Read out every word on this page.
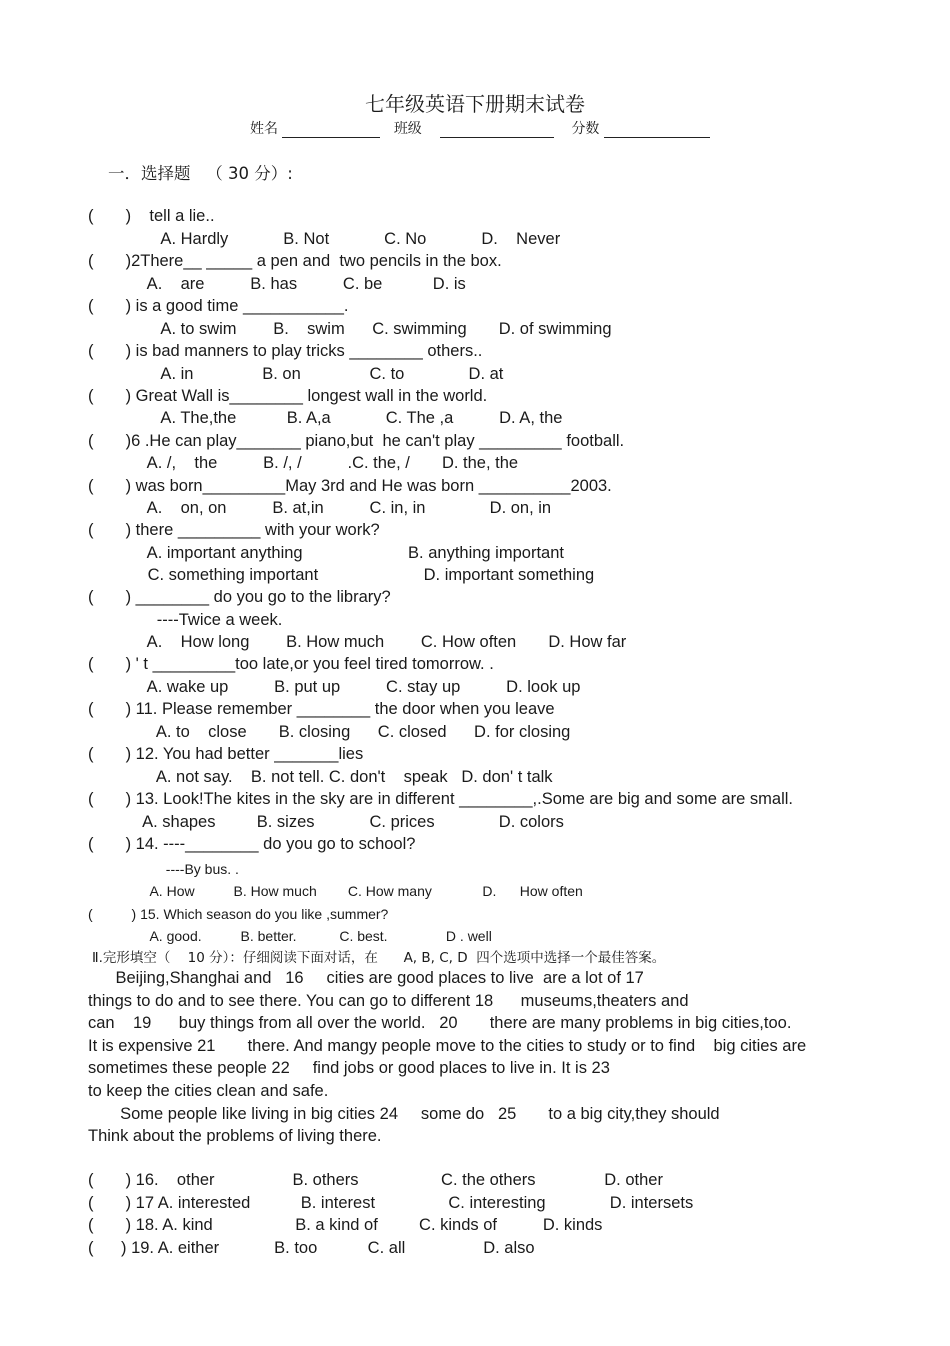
七年级英语下册期末试卷
姓名	班级	分数
一．选择题   （ 30 分）:
(       )    tell a lie..
A. Hardly            B. Not            C. No            D.    Never
(       )2There__ _____ a pen and  two pencils in the box.
A.    are          B. has          C. be           D. is
(       ) is a good time ___________.
A. to swim        B.    swim      C. swimming       D. of swimming
(       ) is bad manners to play tricks ________ others..
A. in               B. on               C. to              D. at
(       ) Great Wall is________ longest wall in the world.
A. The,the           B. A,a            C. The ,a          D. A, the
(       )6 .He can play_______ piano,but  he can't play _________ football.
A. /,    the          B. /, /          .C. the, /       D. the, the
(       ) was born_________May 3rd and He was born __________2003.
A.    on, on          B. at,in          C. in, in              D. on, in
(       ) there _________ with your work?
A. important anything                       B. anything important
C. something important                       D. important something
(       ) ________ do you go to the library?
----Twice a week.
A.    How long        B. How much        C. How often       D. How far
(       ) ' t _________too late,or you feel tired tomorrow. .
A. wake up          B. put up          C. stay up          D. look up
(       ) 11. Please remember ________ the door when you leave
A. to    close       B. closing      C. closed      D. for closing
(       ) 12. You had better _______lies
A. not say.    B. not tell. C. don't    speak   D. don' t talk
(       ) 13. Look!The kites in the sky are in different ________,.Some are big and some are small.
A. shapes         B. sizes            C. prices              D. colors
(       ) 14. ----________ do you go to school?
----By bus. .
A. How          B. How much        C. How many             D.      How often
(          ) 15. Which season do you like ,summer?
A. good.          B. better.           C. best.               D . well
Ⅱ.完形填空（    10 分）：仔细阅读下面对话，在      A, B, C, D  四个选项中选择一个最佳答案。
Beijing,Shanghai and   16     cities are good places to live  are a lot of 17
things to do and to see there. You can go to different 18      museums,theaters and
can    19      buy things from all over the world.   20       there are many problems in big cities,too.
It is expensive 21       there. And mangy people move to the cities to study or to find    big cities are
sometimes these people 22     find jobs or good places to live in. It is 23
to keep the cities clean and safe.
Some people like living in big cities 24     some do   25       to a big city,they should
Think about the problems of living there.
(       ) 16.    other                 B. others                  C. the others               D. other
(       ) 17 A. interested           B. interest                C. interesting              D. intersets
(       ) 18. A. kind                  B. a kind of         C. kinds of          D. kinds
(      ) 19. A. either            B. too           C. all                 D. also
